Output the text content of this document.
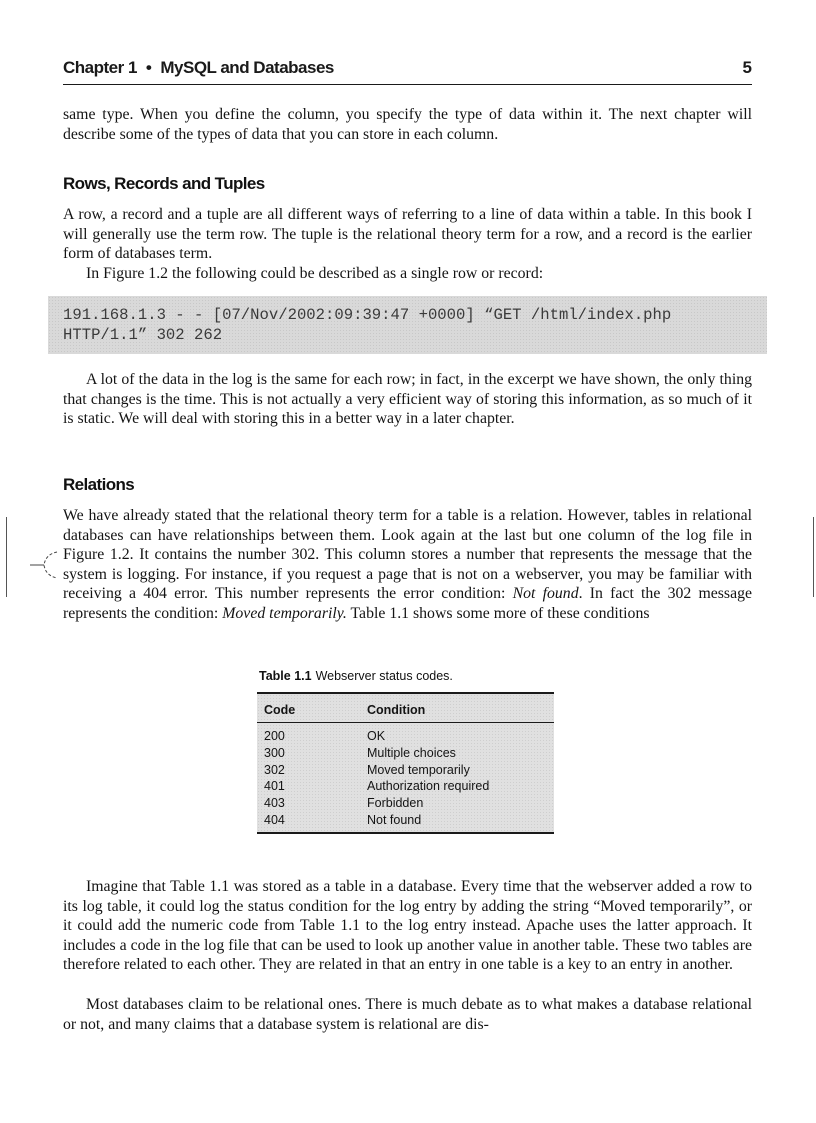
Chapter 1 • MySQL and Databases	5

same type. When you define the column, you specify the type of data within it. The next chapter will describe some of the types of data that you can store in each column.

Rows, Records and Tuples

A row, a record and a tuple are all different ways of referring to a line of data within a table. In this book I will generally use the term row. The tuple is the relational theory term for a row, and a record is the earlier form of databases term.

In Figure 1.2 the following could be described as a single row or record:

191.168.1.3 - - [07/Nov/2002:09:39:47 +0000] “GET /html/index.php
HTTP/1.1” 302 262

A lot of the data in the log is the same for each row; in fact, in the excerpt we have shown, the only thing that changes is the time. This is not actually a very efficient way of storing this information, as so much of it is static. We will deal with storing this in a better way in a later chapter.

Relations

We have already stated that the relational theory term for a table is a relation. However, tables in relational databases can have relationships between them. Look again at the last but one column of the log file in Figure 1.2. It contains the number 302. This column stores a number that represents the message that the system is logging. For instance, if you request a page that is not on a webserver, you may be familiar with receiving a 404 error. This number represents the error condition: Not found. In fact the 302 message represents the condition: Moved temporarily. Table 1.1 shows some more of these conditions

Table 1.1 Webserver status codes.

Code	Condition
200	OK
300	Multiple choices
302	Moved temporarily
401	Authorization required
403	Forbidden
404	Not found

Imagine that Table 1.1 was stored as a table in a database. Every time that the webserver added a row to its log table, it could log the status condition for the log entry by adding the string “Moved temporarily”, or it could add the numeric code from Table 1.1 to the log entry instead. Apache uses the latter approach. It includes a code in the log file that can be used to look up another value in another table. These two tables are therefore related to each other. They are related in that an entry in one table is a key to an entry in another.

Most databases claim to be relational ones. There is much debate as to what makes a database relational or not, and many claims that a database system is relational are dis-
